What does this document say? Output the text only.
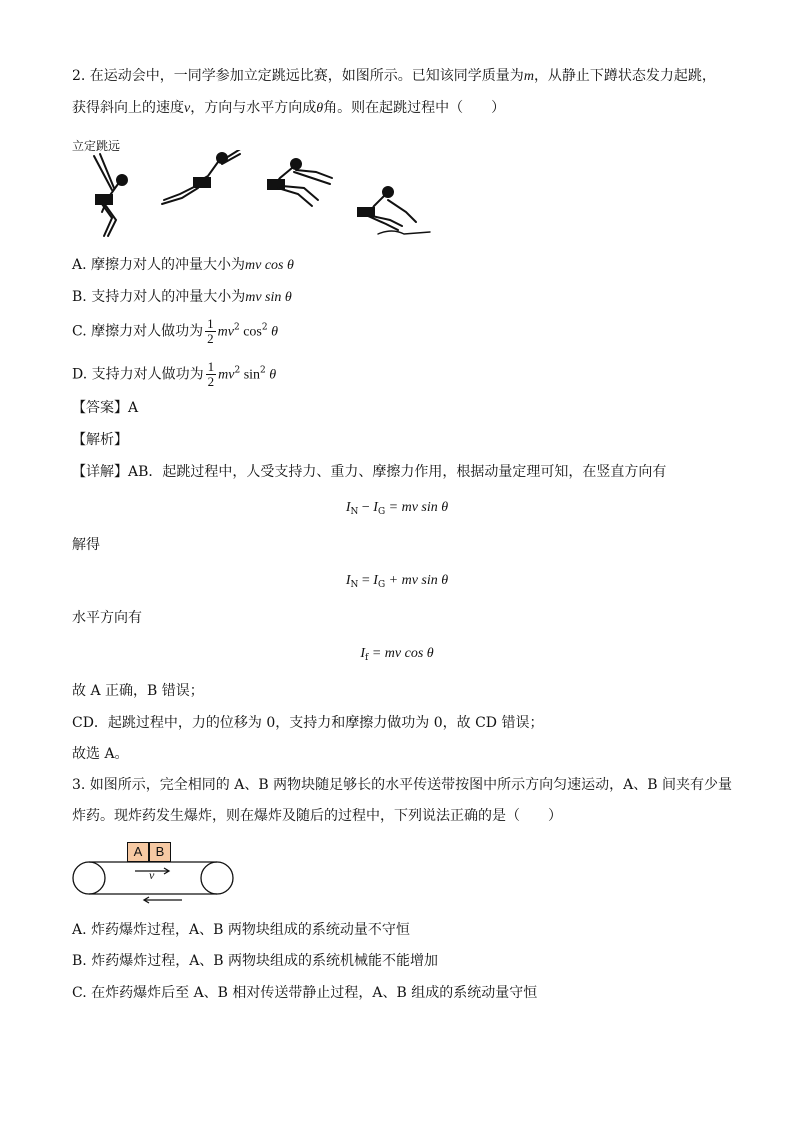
2. 在运动会中，一同学参加立定跳远比赛，如图所示。已知该同学质量为m，从静止下蹲状态发力起跳，
获得斜向上的速度v，方向与水平方向成θ角。则在起跳过程中（　　）
立定跳远
A. 摩擦力对人的冲量大小为mv cos θ
B. 支持力对人的冲量大小为mv sin θ
C. 摩擦力对人做功为 $\frac{1}{2} mv^2$ $\cos^2 \theta$
D. 支持力对人做功为 $\frac{1}{2} mv^2$ $\sin^2 \theta$
【答案】A
【解析】
【详解】AB．起跳过程中，人受支持力、重力、摩擦力作用，根据动量定理可知，在竖直方向有
$I_N - I_G$ = mv sin θ
解得
$I_N = I_G$ + mv sin θ
水平方向有
$I_f$ = mv cos θ
故 A 正确，B 错误；
CD．起跳过程中，力的位移为 0，支持力和摩擦力做功为 0，故 CD 错误；
故选 A。
3. 如图所示，完全相同的 A、B 两物块随足够长的水平传送带按图中所示方向匀速运动，A、B 间夹有少量
炸药。现炸药发生爆炸，则在爆炸及随后的过程中，下列说法正确的是（　　）
A	B
v
A. 炸药爆炸过程，A、B 两物块组成的系统动量不守恒
B. 炸药爆炸过程，A、B 两物块组成的系统机械能不能增加
C. 在炸药爆炸后至 A、B 相对传送带静止过程，A、B 组成的系统动量守恒
